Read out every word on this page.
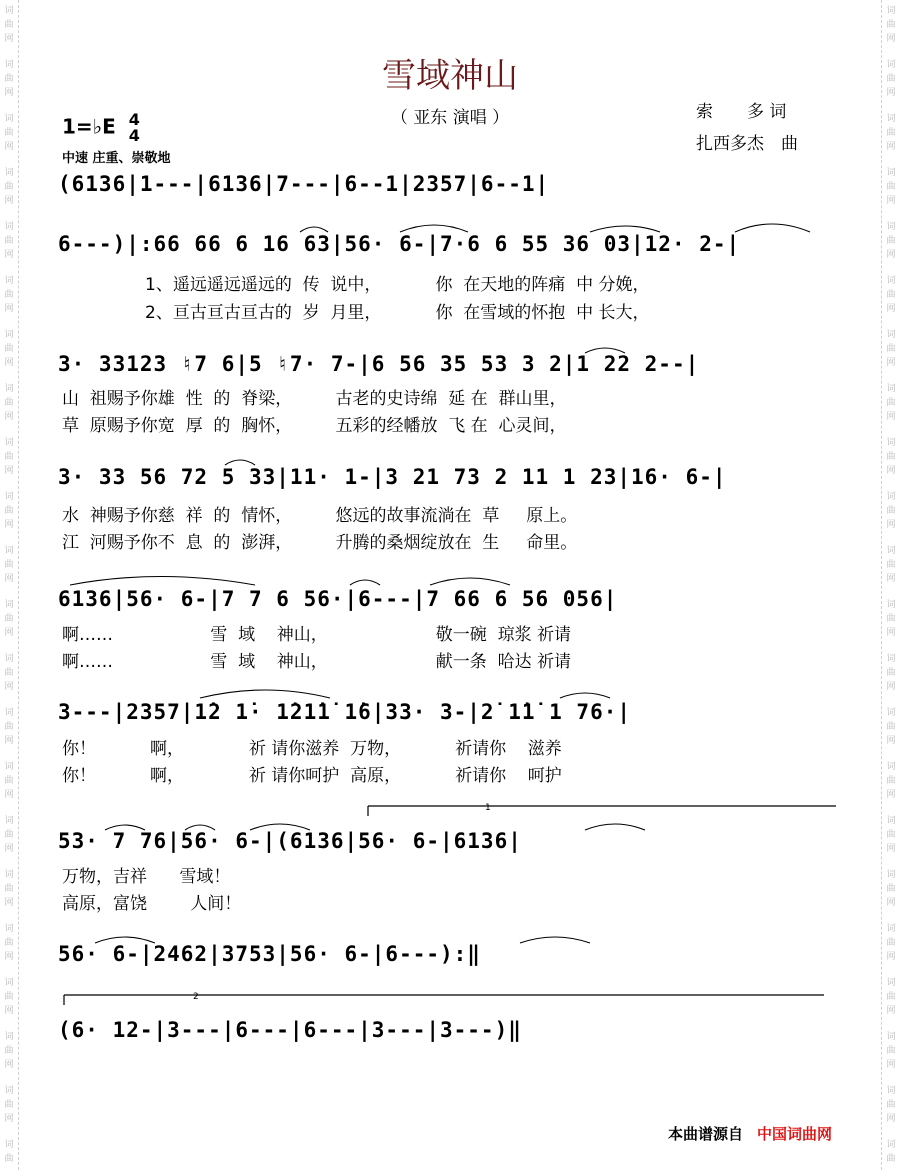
词
曲
网
词
曲
网
词
曲
网
词
曲
网
词
曲
网
词
曲
网
词
曲
网
词
曲
网
词
曲
网
词
曲
网
词
曲
网
词
曲
网
词
曲
网
词
曲
网
词
曲
网
词
曲
网
词
曲
网
词
曲
网
词
曲
网
词
曲
网
词
曲
网
词
曲
词
曲
网
词
曲
网
词
曲
网
词
曲
网
词
曲
网
词
曲
网
词
曲
网
词
曲
网
词
曲
网
词
曲
网
词
曲
网
词
曲
网
词
曲
网
词
曲
网
词
曲
网
词
曲
网
词
曲
网
词
曲
网
词
曲
网
词
曲
网
词
曲
网
词
曲
雪域神山
（ 亚东 演唱 ）	索　　多 词
扎西多杰　曲
1=♭E 4
4
中速 庄重、崇敬地
(6136|1---|6136|7---|6--1|2357|6--1|
6---)|:66 66 6 16 63|56· 6-|7·6 6 55 36 03|12· 2-|
1、遥远遥远遥远的  传  说中，          你  在天地的阵痛  中 分娩，
2、亘古亘古亘古的  岁  月里，          你  在雪域的怀抱  中 长大，
3· 33123 ♮7 6|5 ♮7· 7-|6 56 35 53 3 2|1 22 2--|
山  祖赐予你雄  性  的  脊梁，        古老的史诗绵  延 在  群山里，
草  原赐予你宽  厚  的  胸怀，        五彩的经幡放  飞 在  心灵间，
3· 33 56 72 5 33|11· 1-|3 21 73 2 11 1 23|16· 6-|
水  神赐予你慈  祥  的  情怀，        悠远的故事流淌在  草     原上。
江  河赐予你不  息  的  澎湃，        升腾的桑烟绽放在  生     命里。
6136|56· 6-|7 7 6 56·|6---|7 66 6 56 056|
啊……                  雪  域    神山，                    敬一碗  琼浆 祈请
啊……                  雪  域    神山，                    献一条  哈达 祈请
3---|2357|1̇2 1̇· 1̇21̇1̇ 1̇6|33· 3-|2̇ 1̇1̇ 1 76·|
你！          啊，            祈 请你滋养  万物，          祈请你    滋养
你！          啊，            祈 请你呵护  高原，          祈请你    呵护
53· 7 76|56· 6-|(6136|56· 6-|6136|
万物，吉祥      雪域！
高原，富饶        人间！
56· 6-|2462|3753|56· 6-|6---):‖
(6· 12-|3---|6---|6---|3---|3---)‖
1
2
本曲谱源自 中国词曲网
